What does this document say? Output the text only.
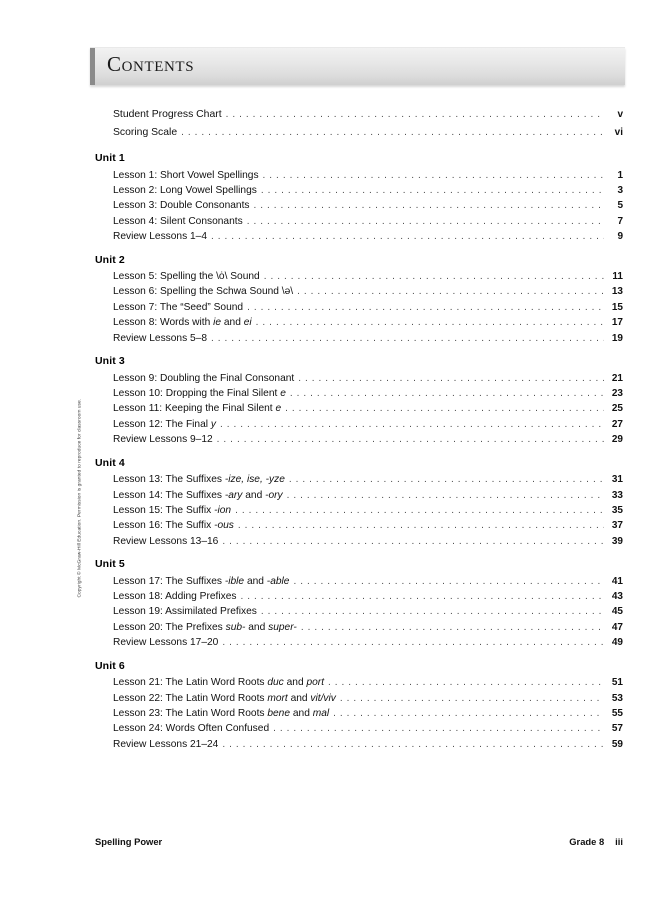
Contents
Student Progress Chart . . .	v
Scoring Scale . . .	vi
Unit 1
Lesson 1: Short Vowel Spellings . . .	1
Lesson 2: Long Vowel Spellings . . .	3
Lesson 3: Double Consonants . . .	5
Lesson 4: Silent Consonants . . .	7
Review Lessons 1–4 . . .	9
Unit 2
Lesson 5: Spelling the \ȯ\ Sound . . .	11
Lesson 6: Spelling the Schwa Sound \ə\ . . .	13
Lesson 7: The “Seed” Sound . . .	15
Lesson 8: Words with ie and ei . . .	17
Review Lessons 5–8 . . .	19
Unit 3
Lesson 9: Doubling the Final Consonant . . .	21
Lesson 10: Dropping the Final Silent e . . .	23
Lesson 11: Keeping the Final Silent e . . .	25
Lesson 12: The Final y . . .	27
Review Lessons 9–12 . . .	29
Unit 4
Lesson 13: The Suffixes -ize, ise, -yze . . .	31
Lesson 14: The Suffixes -ary and -ory . . .	33
Lesson 15: The Suffix -ion . . .	35
Lesson 16: The Suffix -ous . . .	37
Review Lessons 13–16 . . .	39
Unit 5
Lesson 17: The Suffixes -ible and -able . . .	41
Lesson 18: Adding Prefixes . . .	43
Lesson 19: Assimilated Prefixes . . .	45
Lesson 20: The Prefixes sub- and super- . . .	47
Review Lessons 17–20 . . .	49
Unit 6
Lesson 21: The Latin Word Roots duc and port . . .	51
Lesson 22: The Latin Word Roots mort and vit/viv . . .	53
Lesson 23: The Latin Word Roots bene and mal . . .	55
Lesson 24: Words Often Confused . . .	57
Review Lessons 21–24 . . .	59
Spelling Power	Grade 8 iii
Copyright © McGraw-Hill Education. Permission is granted to reproduce for classroom use.
